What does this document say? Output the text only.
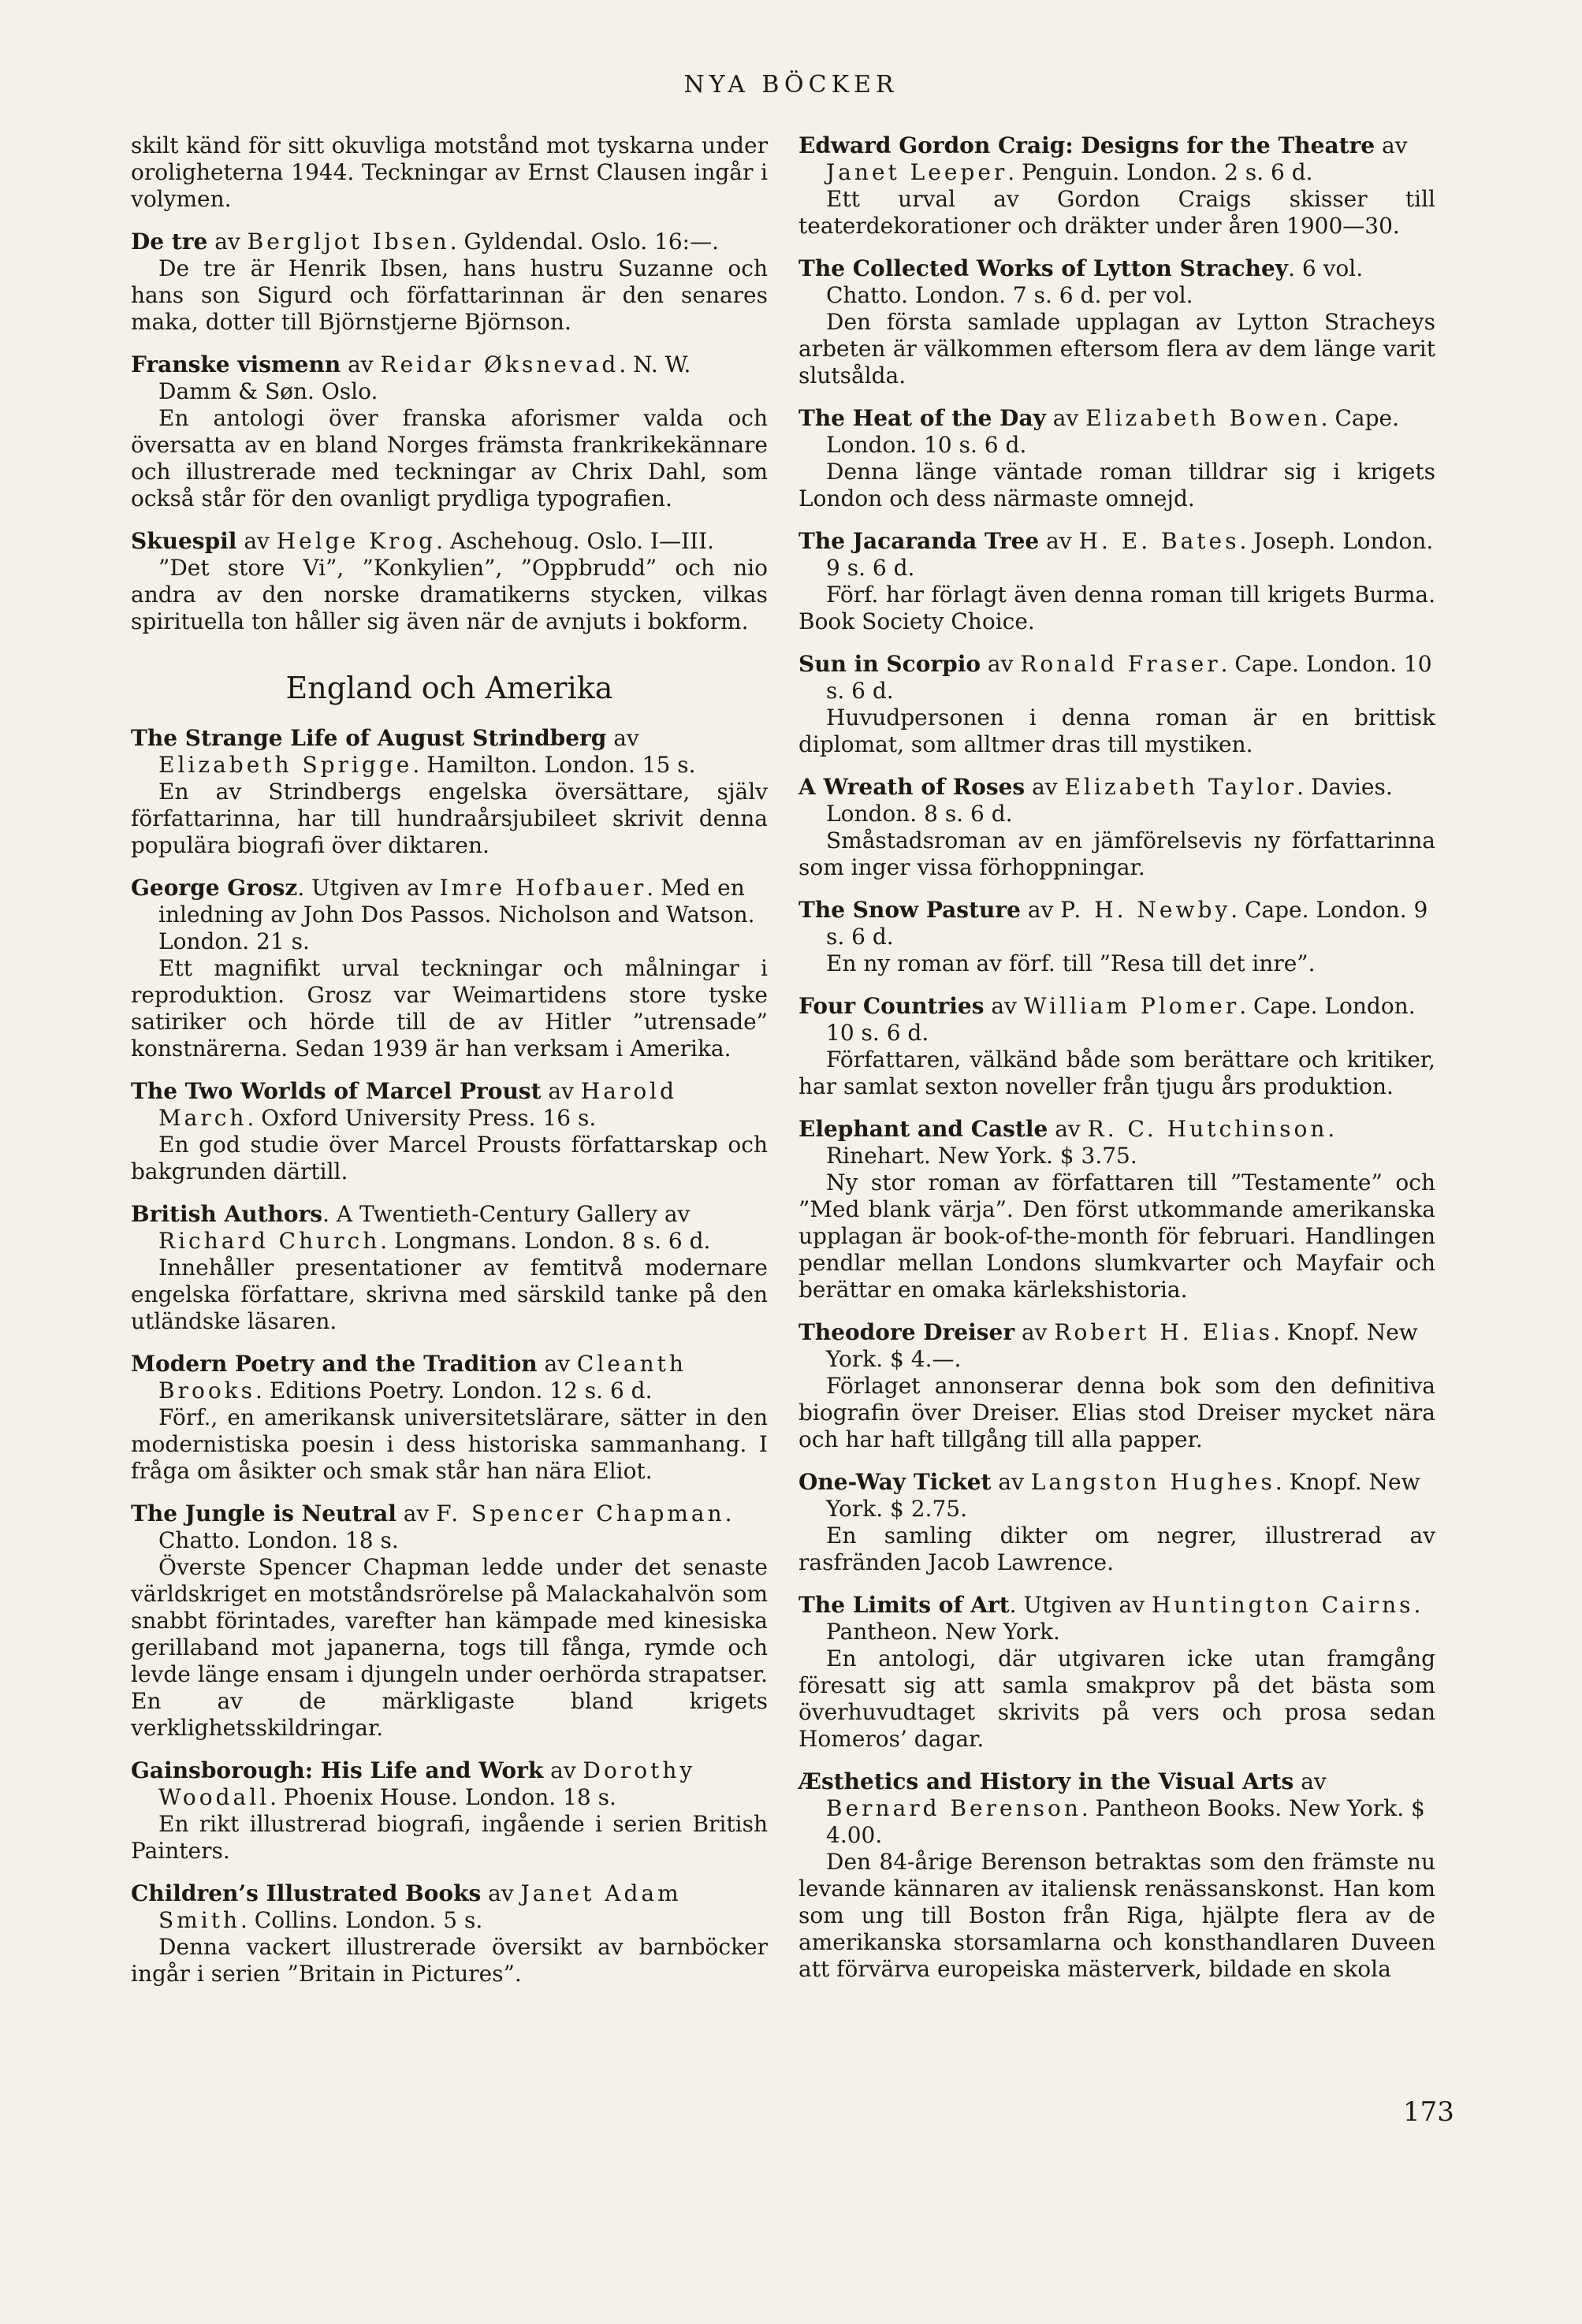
NYA BÖCKER
skilt känd för sitt okuvliga motstånd mot tyskarna under oroligheterna 1944. Teckningar av Ernst Clausen ingår i volymen.
De tre av Bergljot Ibsen. Gyldendal. Oslo. 16:—.
De tre är Henrik Ibsen, hans hustru Suzanne och hans son Sigurd och författarinnan är den senares maka, dotter till Björnstjerne Björnson.
Franske vismenn av Reidar Øksnevad. N. W. Damm & Søn. Oslo.
En antologi över franska aforismer valda och översatta av en bland Norges främsta frankrikekännare och illustrerade med teckningar av Chrix Dahl, som också står för den ovanligt prydliga typografien.
Skuespil av Helge Krog. Aschehoug. Oslo. I—III.
”Det store Vi”, ”Konkylien”, ”Oppbrudd” och nio andra av den norske dramatikerns stycken, vilkas spirituella ton håller sig även när de avnjuts i bokform.
England och Amerika
The Strange Life of August Strindberg av Elizabeth Sprigge. Hamilton. London. 15 s.
En av Strindbergs engelska översättare, själv författarinna, har till hundraårsjubileet skrivit denna populära biografi över diktaren.
George Grosz. Utgiven av Imre Hofbauer. Med en inledning av John Dos Passos. Nicholson and Watson. London. 21 s.
Ett magnifikt urval teckningar och målningar i reproduktion. Grosz var Weimartidens store tyske satiriker och hörde till de av Hitler ”utrensade” konstnärerna. Sedan 1939 är han verksam i Amerika.
The Two Worlds of Marcel Proust av Harold March. Oxford University Press. 16 s.
En god studie över Marcel Prousts författarskap och bakgrunden därtill.
British Authors. A Twentieth-Century Gallery av Richard Church. Longmans. London. 8 s. 6 d.
Innehåller presentationer av femtitvå modernare engelska författare, skrivna med särskild tanke på den utländske läsaren.
Modern Poetry and the Tradition av Cleanth Brooks. Editions Poetry. London. 12 s. 6 d.
Förf., en amerikansk universitetslärare, sätter in den modernistiska poesin i dess historiska sammanhang. I fråga om åsikter och smak står han nära Eliot.
The Jungle is Neutral av F. Spencer Chapman. Chatto. London. 18 s.
Överste Spencer Chapman ledde under det senaste världskriget en motståndsrörelse på Malackahalvön som snabbt förintades, varefter han kämpade med kinesiska gerillaband mot japanerna, togs till fånga, rymde och levde länge ensam i djungeln under oerhörda strapatser. En av de märkligaste bland krigets verklighetsskildringar.
Gainsborough: His Life and Work av Dorothy Woodall. Phoenix House. London. 18 s.
En rikt illustrerad biografi, ingående i serien British Painters.
Children’s Illustrated Books av Janet Adam Smith. Collins. London. 5 s.
Denna vackert illustrerade översikt av barnböcker ingår i serien ”Britain in Pictures”.
Edward Gordon Craig: Designs for the Theatre av Janet Leeper. Penguin. London. 2 s. 6 d.
Ett urval av Gordon Craigs skisser till teaterdekorationer och dräkter under åren 1900—30.
The Collected Works of Lytton Strachey. 6 vol. Chatto. London. 7 s. 6 d. per vol.
Den första samlade upplagan av Lytton Stracheys arbeten är välkommen eftersom flera av dem länge varit slutsålda.
The Heat of the Day av Elizabeth Bowen. Cape. London. 10 s. 6 d.
Denna länge väntade roman tilldrar sig i krigets London och dess närmaste omnejd.
The Jacaranda Tree av H. E. Bates. Joseph. London. 9 s. 6 d.
Förf. har förlagt även denna roman till krigets Burma. Book Society Choice.
Sun in Scorpio av Ronald Fraser. Cape. London. 10 s. 6 d.
Huvudpersonen i denna roman är en brittisk diplomat, som alltmer dras till mystiken.
A Wreath of Roses av Elizabeth Taylor. Davies. London. 8 s. 6 d.
Småstadsroman av en jämförelsevis ny författarinna som inger vissa förhoppningar.
The Snow Pasture av P. H. Newby. Cape. London. 9 s. 6 d.
En ny roman av förf. till ”Resa till det inre”.
Four Countries av William Plomer. Cape. London. 10 s. 6 d.
Författaren, välkänd både som berättare och kritiker, har samlat sexton noveller från tjugu års produktion.
Elephant and Castle av R. C. Hutchinson. Rinehart. New York. $ 3.75.
Ny stor roman av författaren till ”Testamente” och ”Med blank värja”. Den först utkommande amerikanska upplagan är book-of-the-month för februari. Handlingen pendlar mellan Londons slumkvarter och Mayfair och berättar en omaka kärlekshistoria.
Theodore Dreiser av Robert H. Elias. Knopf. New York. $ 4.—.
Förlaget annonserar denna bok som den definitiva biografin över Dreiser. Elias stod Dreiser mycket nära och har haft tillgång till alla papper.
One-Way Ticket av Langston Hughes. Knopf. New York. $ 2.75.
En samling dikter om negrer, illustrerad av rasfränden Jacob Lawrence.
The Limits of Art. Utgiven av Huntington Cairns. Pantheon. New York.
En antologi, där utgivaren icke utan framgång föresatt sig att samla smakprov på det bästa som överhuvudtaget skrivits på vers och prosa sedan Homeros’ dagar.
Æsthetics and History in the Visual Arts av Bernard Berenson. Pantheon Books. New York. $ 4.00.
Den 84-årige Berenson betraktas som den främste nu levande kännaren av italiensk renässanskonst. Han kom som ung till Boston från Riga, hjälpte flera av de amerikanska storsamlarna och konsthandlaren Duveen att förvärva europeiska mästerverk, bildade en skola
173
